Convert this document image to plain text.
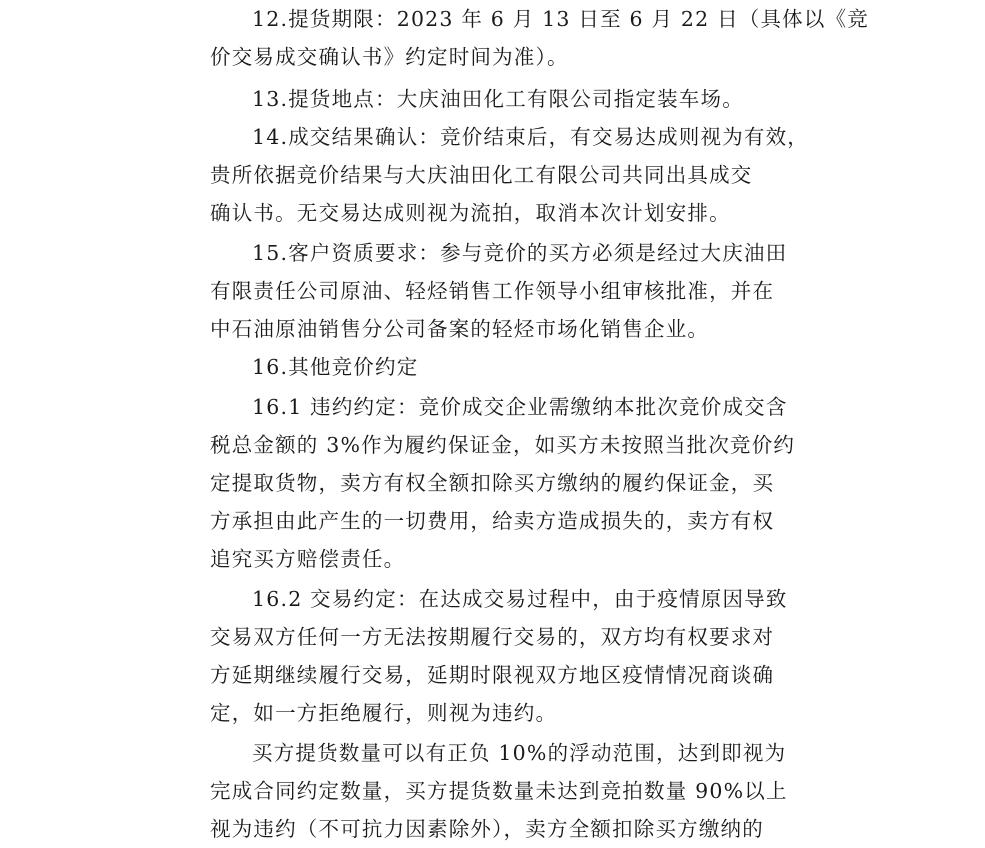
12.提货期限：2023 年 6 月 13 日至 6 月 22 日（具体以《竞
价交易成交确认书》约定时间为准）。
13.提货地点：大庆油田化工有限公司指定装车场。
14.成交结果确认：竞价结束后，有交易达成则视为有效，
贵所依据竞价结果与大庆油田化工有限公司共同出具成交
确认书。无交易达成则视为流拍，取消本次计划安排。
15.客户资质要求：参与竞价的买方必须是经过大庆油田
有限责任公司原油、轻烃销售工作领导小组审核批准，并在
中石油原油销售分公司备案的轻烃市场化销售企业。
16.其他竞价约定
16.1 违约约定：竞价成交企业需缴纳本批次竞价成交含
税总金额的 3%作为履约保证金，如买方未按照当批次竞价约
定提取货物，卖方有权全额扣除买方缴纳的履约保证金，买
方承担由此产生的一切费用，给卖方造成损失的，卖方有权
追究买方赔偿责任。
16.2 交易约定：在达成交易过程中，由于疫情原因导致
交易双方任何一方无法按期履行交易的，双方均有权要求对
方延期继续履行交易，延期时限视双方地区疫情情况商谈确
定，如一方拒绝履行，则视为违约。
买方提货数量可以有正负 10%的浮动范围，达到即视为
完成合同约定数量，买方提货数量未达到竞拍数量 90%以上
视为违约（不可抗力因素除外），卖方全额扣除买方缴纳的
